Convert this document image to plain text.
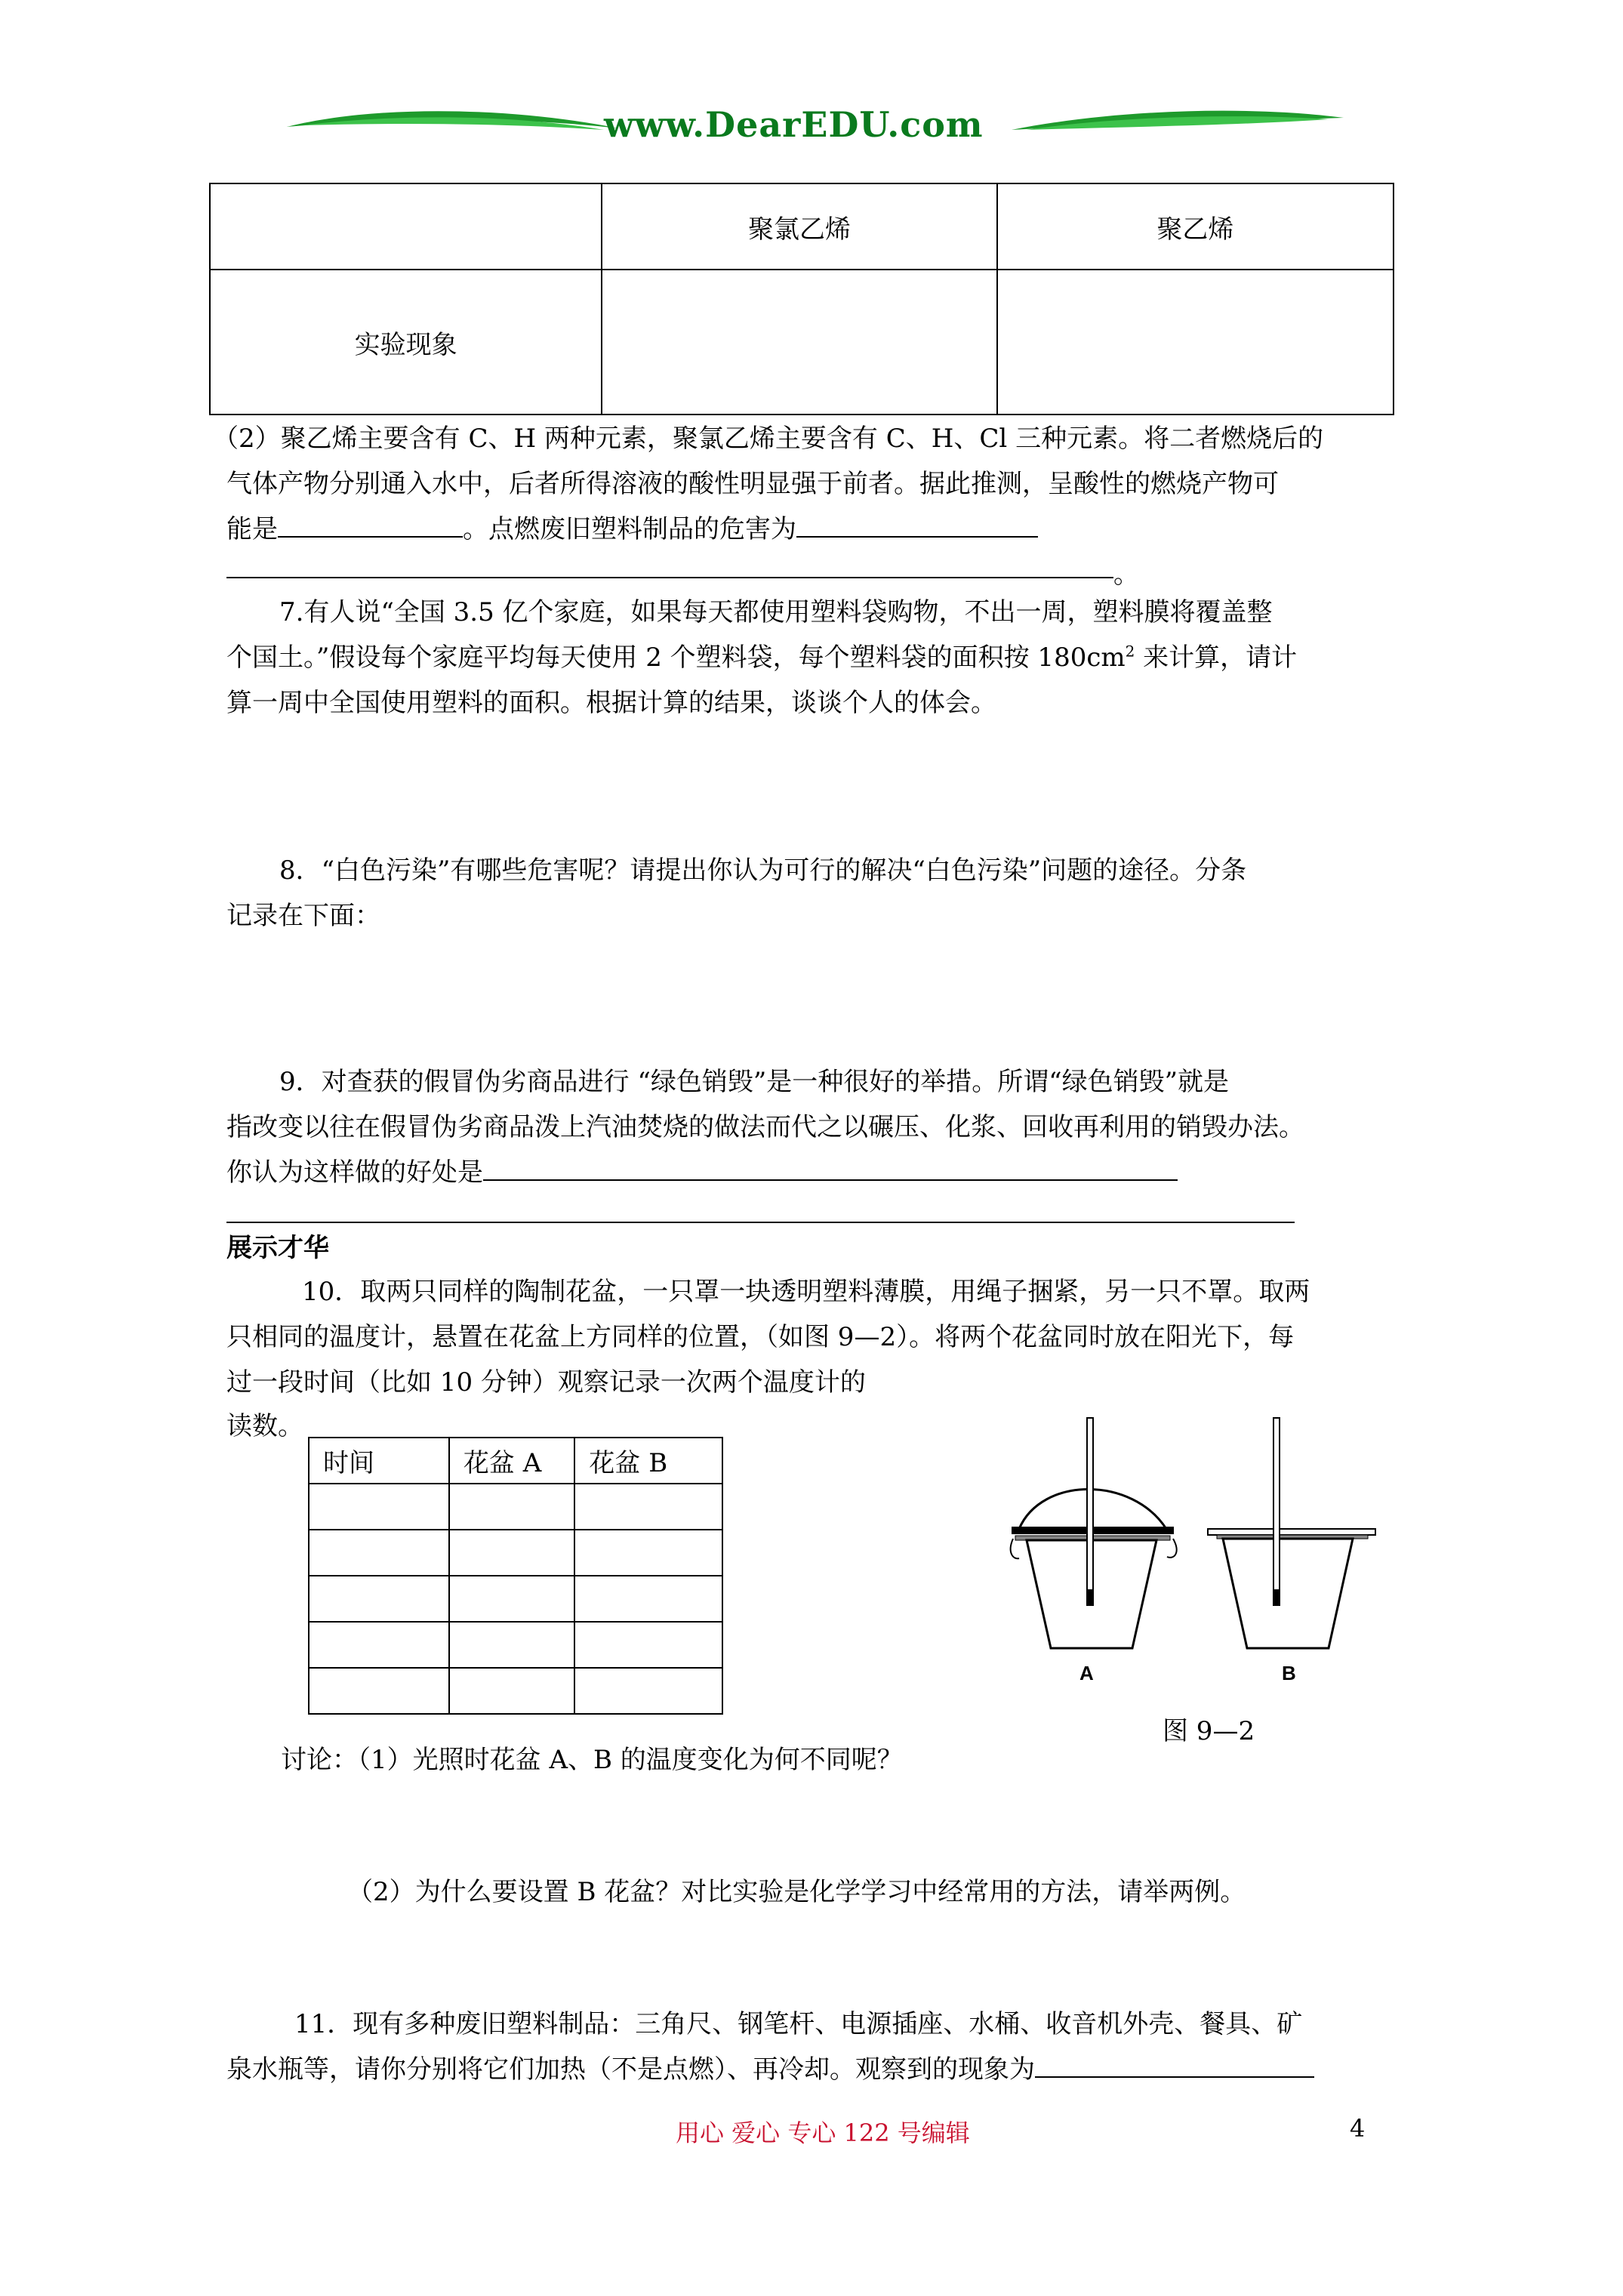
www.DearEDU.com
	聚氯乙烯	聚乙烯
实验现象		
（2）聚乙烯主要含有 C、H 两种元素，聚氯乙烯主要含有 C、H、Cl 三种元素。将二者燃烧后的
气体产物分别通入水中，后者所得溶液的酸性明显强于前者。据此推测，呈酸性的燃烧产物可
能是	。点燃废旧塑料制品的危害为
。
7.有人说“全国 3.5 亿个家庭，如果每天都使用塑料袋购物，不出一周，塑料膜将覆盖整
个国土。”假设每个家庭平均每天使用 2 个塑料袋，每个塑料袋的面积按 $180cm^2$ 来计算，请计
算一周中全国使用塑料的面积。根据计算的结果，谈谈个人的体会。
8．“白色污染”有哪些危害呢？请提出你认为可行的解决“白色污染”问题的途径。分条
记录在下面：
9．对查获的假冒伪劣商品进行 “绿色销毁”是一种很好的举措。所谓“绿色销毁”就是
指改变以往在假冒伪劣商品泼上汽油焚烧的做法而代之以碾压、化浆、回收再利用的销毁办法。
你认为这样做的好处是
展示才华
10．取两只同样的陶制花盆，一只罩一块透明塑料薄膜，用绳子捆紧，另一只不罩。取两
只相同的温度计，悬置在花盆上方同样的位置，（如图 9—2）。将两个花盆同时放在阳光下，每
过一段时间（比如 10 分钟）观察记录一次两个温度计的
读数。
时间	花盆 A	花盆 B

A	B
图 9—2
讨论：（1）光照时花盆 A、B 的温度变化为何不同呢？
（2）为什么要设置 B 花盆？对比实验是化学学习中经常用的方法，请举两例。
11．现有多种废旧塑料制品：三角尺、钢笔杆、电源插座、水桶、收音机外壳、餐具、矿
泉水瓶等，请你分别将它们加热（不是点燃）、再冷却。观察到的现象为
用心 爱心 专心 122 号编辑	4
